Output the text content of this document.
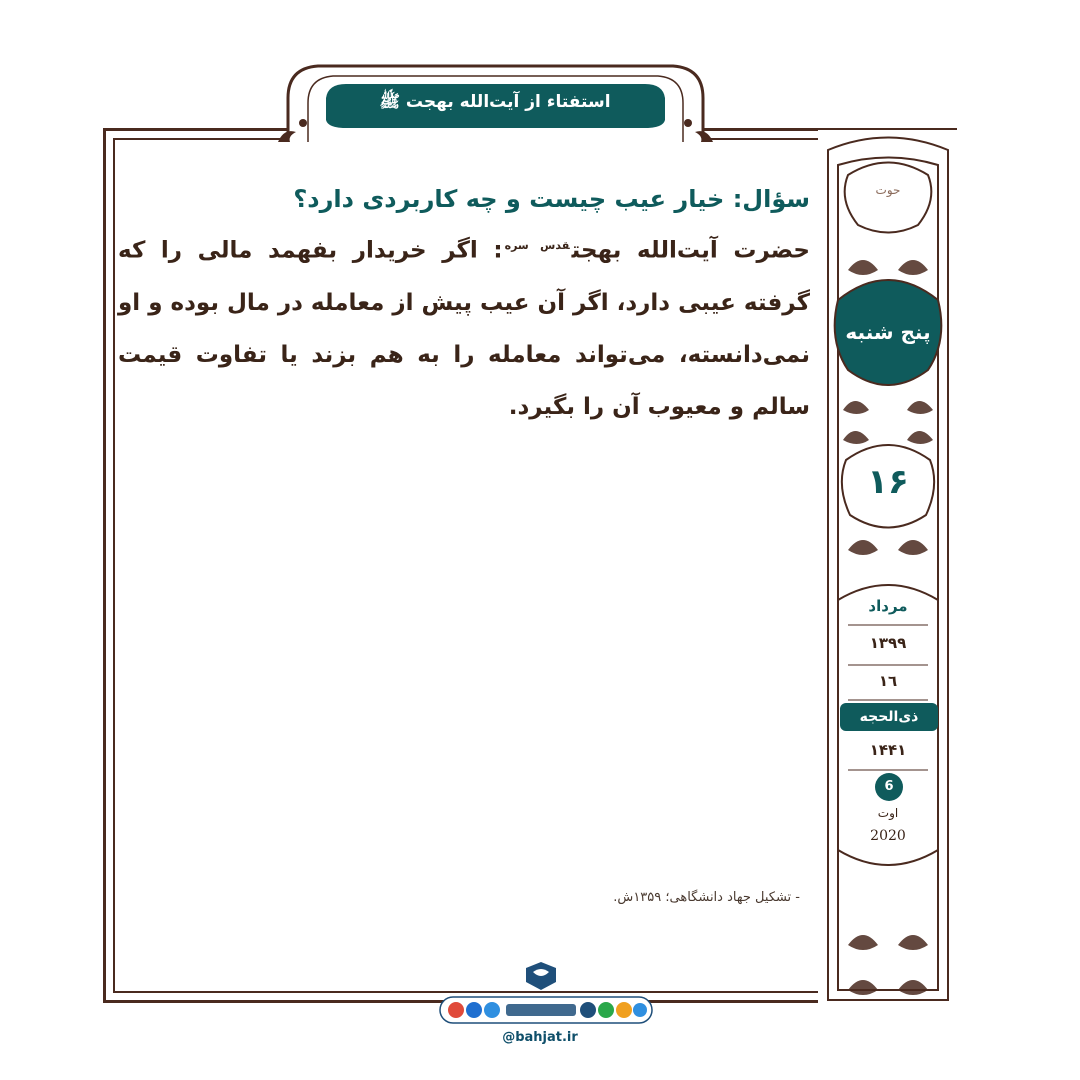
استفتاء از آیت‌الله بهجت ﷺ
حوت
پنج شنبه
۱۶
مرداد
۱۳۹۹
١٦
ذی‌الحجه
۱۴۴۱
6
اوت
2020

سؤال: خیار عیب چیست و چه کاربردی دارد؟

حضرت آیت‌الله بهجت$^{قدس سره}$: اگر خریدار بفهمد مالی را که گرفته عیبی دارد، اگر آن عیب پیش از معامله در مال بوده و او نمی‌دانسته، می‌تواند معامله را به هم بزند یا تفاوت قیمت سالم و معیوب آن را بگیرد.

- تشکیل جهاد دانشگاهی؛ ۱۳۵۹ش.
@bahjat.ir
